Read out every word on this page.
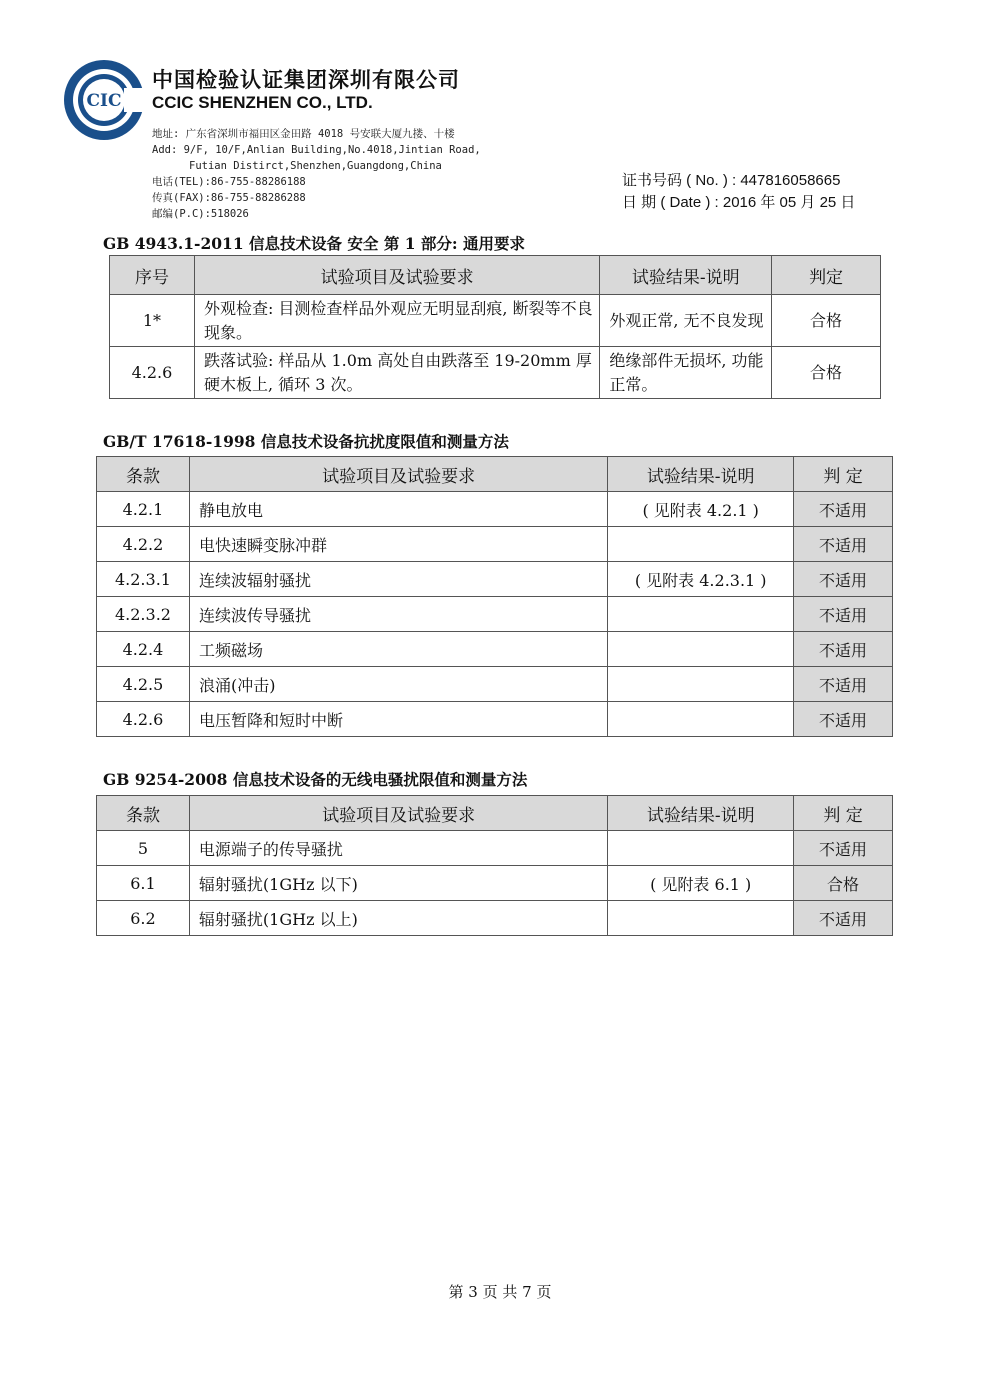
CIC
中国检验认证集团深圳有限公司
CCIC SHENZHEN CO., LTD.
地址: 广东省深圳市福田区金田路 4018 号安联大厦九搂、十楼
Add: 9/F, 10/F,Anlian Building,No.4018,Jintian Road,
Futian Distirct,Shenzhen,Guangdong,China
电话(TEL):86-755-88286188
传真(FAX):86-755-88286288
邮编(P.C):518026
证书号码 ( No. ) : 447816058665
日 期 ( Date ) : 2016 年 05 月 25 日
GB 4943.1-2011 信息技术设备 安全 第 1 部分: 通用要求
序号	试验项目及试验要求	试验结果-说明	判定
1*	外观检查: 目测检查样品外观应无明显刮痕, 断裂等不良现象。	外观正常, 无不良发现	合格
4.2.6	跌落试验: 样品从 1.0m 高处自由跌落至 19-20mm 厚硬木板上, 循环 3 次。	绝缘部件无损坏, 功能正常。	合格
GB/T 17618-1998 信息技术设备抗扰度限值和测量方法
条款	试验项目及试验要求	试验结果-说明	判 定
4.2.1	静电放电	( 见附表 4.2.1 )	不适用
4.2.2	电快速瞬变脉冲群		不适用
4.2.3.1	连续波辐射骚扰	( 见附表 4.2.3.1 )	不适用
4.2.3.2	连续波传导骚扰		不适用
4.2.4	工频磁场		不适用
4.2.5	浪涌(冲击)		不适用
4.2.6	电压暂降和短时中断		不适用
GB 9254-2008 信息技术设备的无线电骚扰限值和测量方法
条款	试验项目及试验要求	试验结果-说明	判 定
5	电源端子的传导骚扰		不适用
6.1	辐射骚扰(1GHz 以下)	( 见附表 6.1 )	合格
6.2	辐射骚扰(1GHz 以上)		不适用
第 3 页 共 7 页
